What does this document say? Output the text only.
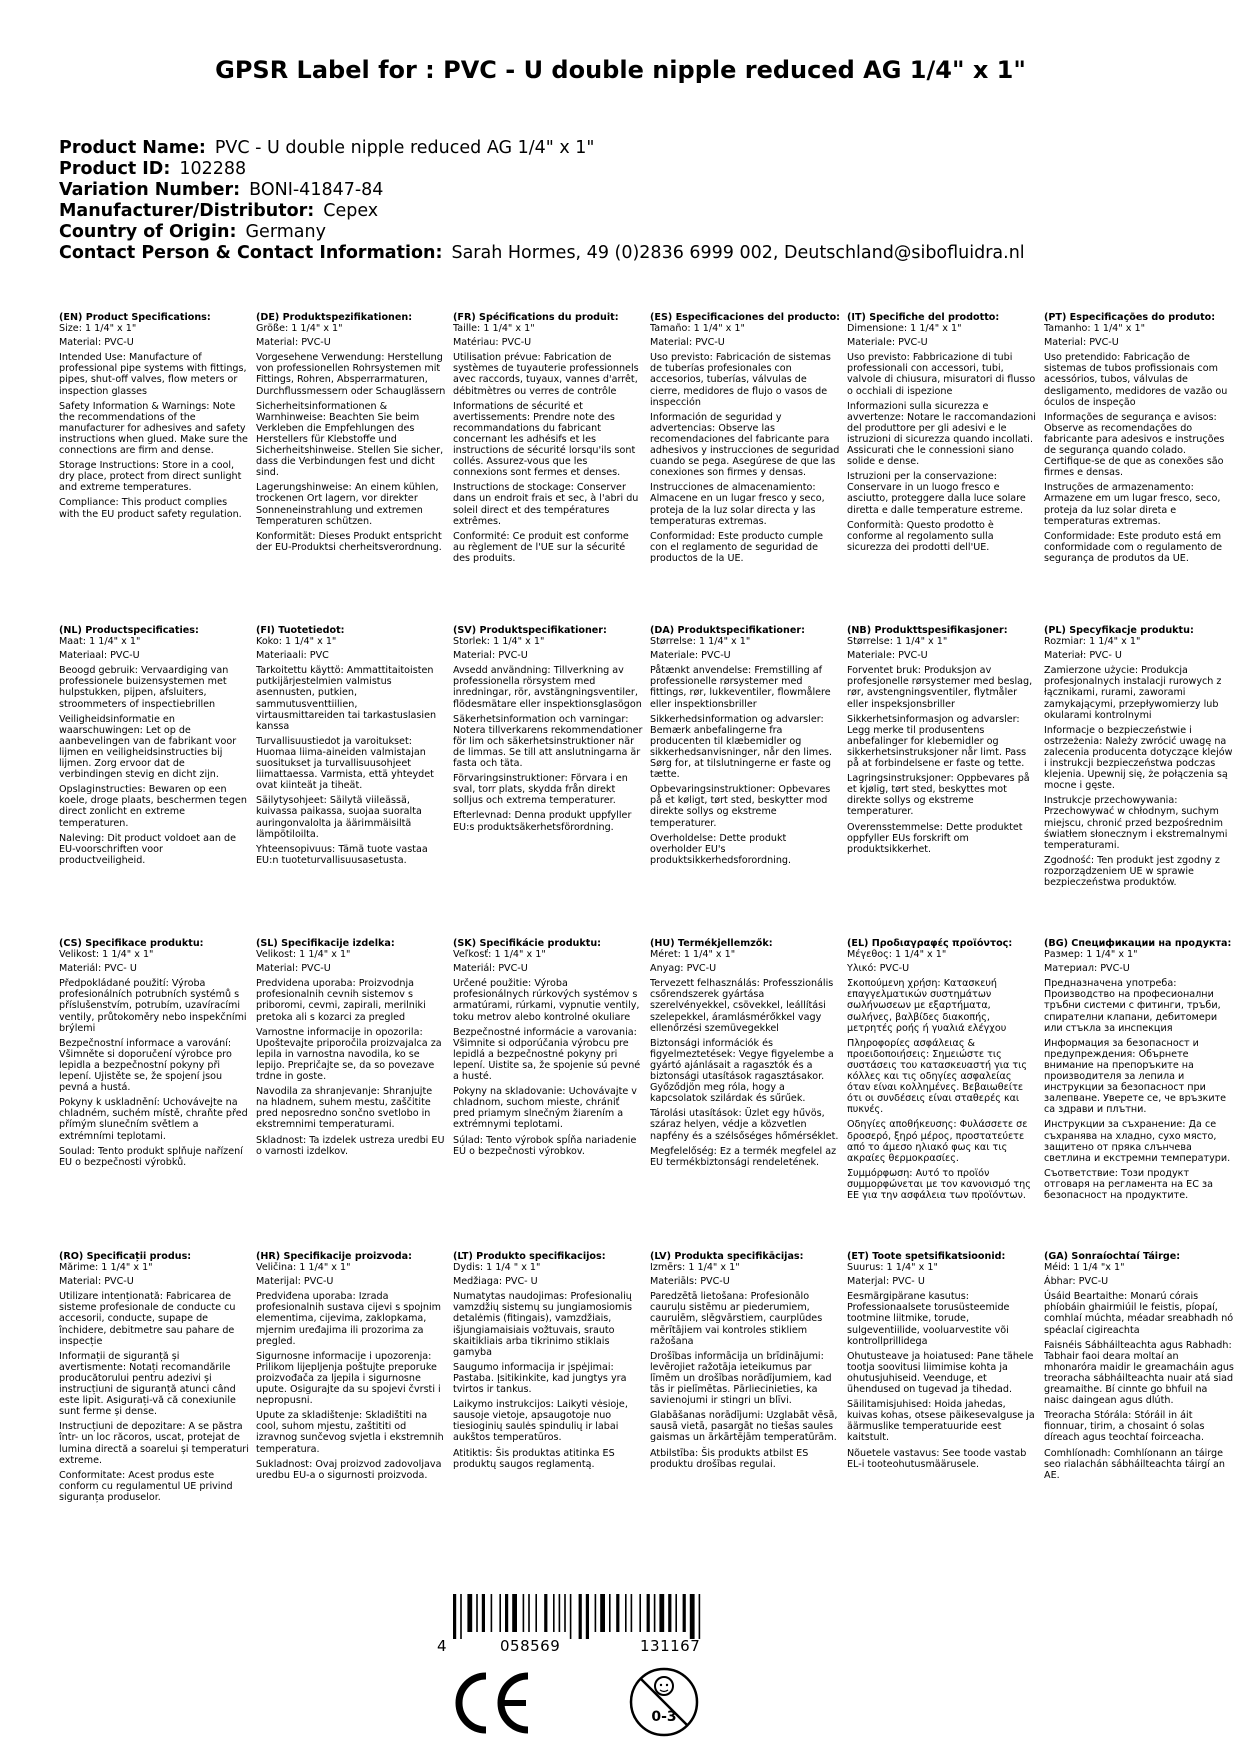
GPSR Label for : PVC - U double nipple reduced AG 1/4" x 1"
Product Name: PVC - U double nipple reduced AG 1/4" x 1"
Product ID: 102288
Variation Number: BONI-41847-84
Manufacturer/Distributor: Cepex
Country of Origin: Germany
Contact Person & Contact Information: Sarah Hormes, 49 (0)2836 6999 002, Deutschland@sibofluidra.nl
(EN) Product Specifications:
Size: 1 1/4" x 1"
Material: PVC-U
Intended Use: Manufacture of professional pipe systems with fittings, pipes, shut-off valves, flow meters or inspection glasses
Safety Information & Warnings: Note the recommendations of the manufacturer for adhesives and safety instructions when glued. Make sure the connections are firm and dense.
Storage Instructions: Store in a cool, dry place, protect from direct sunlight and extreme temperatures.
Compliance: This product complies with the EU product safety regulation.
(DE) Produktspezifikationen:
Größe: 1 1/4" x 1"
Material: PVC-U
Vorgesehene Verwendung: Herstellung von professionellen Rohrsystemen mit Fittings, Rohren, Absperrarmaturen, Durchflussmessern oder Schauglässern
Sicherheitsinformationen & Warnhinweise: Beachten Sie beim Verkleben die Empfehlungen des Herstellers für Klebstoffe und Sicherheitshinweise. Stellen Sie sicher, dass die Verbindungen fest und dicht sind.
Lagerungshinweise: An einem kühlen, trockenen Ort lagern, vor direkter Sonneneinstrahlung und extremen Temperaturen schützen.
Konformität: Dieses Produkt entspricht der EU-Produktsi cherheitsverordnung.
(FR) Spécifications du produit:
Taille: 1 1/4" x 1"
Matériau: PVC-U
Utilisation prévue: Fabrication de systèmes de tuyauterie professionnels avec raccords, tuyaux, vannes d'arrêt, débitmètres ou verres de contrôle
Informations de sécurité et avertissements: Prendre note des recommandations du fabricant concernant les adhésifs et les instructions de sécurité lorsqu'ils sont collés. Assurez-vous que les connexions sont fermes et denses.
Instructions de stockage: Conserver dans un endroit frais et sec, à l'abri du soleil direct et des températures extrêmes.
Conformité: Ce produit est conforme au règlement de l'UE sur la sécurité des produits.
(ES) Especificaciones del producto:
Tamaño: 1 1/4" x 1"
Material: PVC-U
Uso previsto: Fabricación de sistemas de tuberías profesionales con accesorios, tuberías, válvulas de cierre, medidores de flujo o vasos de inspección
Información de seguridad y advertencias: Observe las recomendaciones del fabricante para adhesivos y instrucciones de seguridad cuando se pega. Asegúrese de que las conexiones son firmes y densas.
Instrucciones de almacenamiento: Almacene en un lugar fresco y seco, proteja de la luz solar directa y las temperaturas extremas.
Conformidad: Este producto cumple con el reglamento de seguridad de productos de la UE.
(IT) Specifiche del prodotto:
Dimensione: 1 1/4" x 1"
Materiale: PVC-U
Uso previsto: Fabbricazione di tubi professionali con accessori, tubi, valvole di chiusura, misuratori di flusso o occhiali di ispezione
Informazioni sulla sicurezza e avvertenze: Notare le raccomandazioni del produttore per gli adesivi e le istruzioni di sicurezza quando incollati. Assicurati che le connessioni siano solide e dense.
Istruzioni per la conservazione: Conservare in un luogo fresco e asciutto, proteggere dalla luce solare diretta e dalle temperature estreme.
Conformità: Questo prodotto è conforme al regolamento sulla sicurezza dei prodotti dell'UE.
(PT) Especificações do produto:
Tamanho: 1 1/4" x 1"
Material: PVC-U
Uso pretendido: Fabricação de sistemas de tubos profissionais com acessórios, tubos, válvulas de desligamento, medidores de vazão ou óculos de inspeção
Informações de segurança e avisos: Observe as recomendações do fabricante para adesivos e instruções de segurança quando colado. Certifique-se de que as conexões são firmes e densas.
Instruções de armazenamento: Armazene em um lugar fresco, seco, proteja da luz solar direta e temperaturas extremas.
Conformidade: Este produto está em conformidade com o regulamento de segurança de produtos da UE.
(NL) Productspecificaties:
Maat: 1 1/4" x 1"
Materiaal: PVC-U
Beoogd gebruik: Vervaardiging van professionele buizensystemen met hulpstukken, pijpen, afsluiters, stroommeters of inspectiebrillen
Veiligheidsinformatie en waarschuwingen: Let op de aanbevelingen van de fabrikant voor lijmen en veiligheidsinstructies bij lijmen. Zorg ervoor dat de verbindingen stevig en dicht zijn.
Opslaginstructies: Bewaren op een koele, droge plaats, beschermen tegen direct zonlicht en extreme temperaturen.
Naleving: Dit product voldoet aan de EU-voorschriften voor productveiligheid.
(FI) Tuotetiedot:
Koko: 1 1/4" x 1"
Materiaali: PVC
Tarkoitettu käyttö: Ammattitaitoisten putkijärjestelmien valmistus asennusten, putkien, sammutusventtiilien, virtausmittareiden tai tarkastuslasien kanssa
Turvallisuustiedot ja varoitukset: Huomaa liima-aineiden valmistajan suositukset ja turvallisuusohjeet liimattaessa. Varmista, että yhteydet ovat kiinteät ja tiheät.
Säilytysohjeet: Säilytä viileässä, kuivassa paikassa, suojaa suoralta auringonvalolta ja äärimmäisiltä lämpötiloilta.
Yhteensopivuus: Tämä tuote vastaa EU:n tuoteturvallisuusasetusta.
(SV) Produktspecifikationer:
Storlek: 1 1/4" x 1"
Material: PVC-U
Avsedd användning: Tillverkning av professionella rörsystem med inredningar, rör, avstängningsventiler, flödesmätare eller inspektionsglasögon
Säkerhetsinformation och varningar: Notera tillverkarens rekommendationer för lim och säkerhetsinstruktioner när de limmas. Se till att anslutningarna är fasta och täta.
Förvaringsinstruktioner: Förvara i en sval, torr plats, skydda från direkt solljus och extrema temperaturer.
Efterlevnad: Denna produkt uppfyller EU:s produktsäkerhetsförordning.
(DA) Produktspecifikationer:
Størrelse: 1 1/4" x 1"
Materiale: PVC-U
Påtænkt anvendelse: Fremstilling af professionelle rørsystemer med fittings, rør, lukkeventiler, flowmålere eller inspektionsbriller
Sikkerhedsinformation og advarsler: Bemærk anbefalingerne fra producenten til klæbemidler og sikkerhedsanvisninger, når den limes. Sørg for, at tilslutningerne er faste og tætte.
Opbevaringsinstruktioner: Opbevares på et køligt, tørt sted, beskytter mod direkte sollys og ekstreme temperaturer.
Overholdelse: Dette produkt overholder EU's produktsikkerhedsforordning.
(NB) Produkttspesifikasjoner:
Størrelse: 1 1/4" x 1"
Materiale: PVC-U
Forventet bruk: Produksjon av profesjonelle rørsystemer med beslag, rør, avstengningsventiler, flytmåler eller inspeksjonsbriller
Sikkerhetsinformasjon og advarsler: Legg merke til produsentens anbefalinger for klebemidler og sikkerhetsinstruksjoner når limt. Pass på at forbindelsene er faste og tette.
Lagringsinstruksjoner: Oppbevares på et kjølig, tørt sted, beskyttes mot direkte sollys og ekstreme temperaturer.
Overensstemmelse: Dette produktet oppfyller EUs forskrift om produktsikkerhet.
(PL) Specyfikacje produktu:
Rozmiar: 1 1/4" x 1"
Materiał: PVC- U
Zamierzone użycie: Produkcja profesjonalnych instalacji rurowych z łącznikami, rurami, zaworami zamykającymi, przepływomierzy lub okularami kontrolnymi
Informacje o bezpieczeństwie i ostrzeżenia: Należy zwrócić uwagę na zalecenia producenta dotyczące klejów i instrukcji bezpieczeństwa podczas klejenia. Upewnij się, że połączenia są mocne i gęste.
Instrukcje przechowywania: Przechowywać w chłodnym, suchym miejscu, chronić przed bezpośrednim światłem słonecznym i ekstremalnymi temperaturami.
Zgodność: Ten produkt jest zgodny z rozporządzeniem UE w sprawie bezpieczeństwa produktów.
(CS) Specifikace produktu:
Velikost: 1 1/4" x 1"
Materiál: PVC- U
Předpokládané použití: Výroba profesionálních potrubních systémů s příslušenstvím, potrubím, uzavíracími ventily, průtokoměry nebo inspekčními brýlemi
Bezpečnostní informace a varování: Všimněte si doporučení výrobce pro lepidla a bezpečnostní pokyny při lepení. Ujistěte se, že spojení jsou pevná a hustá.
Pokyny k uskladnění: Uchovávejte na chladném, suchém místě, chraňte před přímým slunečním světlem a extrémními teplotami.
Soulad: Tento produkt splňuje nařízení EU o bezpečnosti výrobků.
(SL) Specifikacije izdelka:
Velikost: 1 1/4" x 1"
Material: PVC-U
Predvidena uporaba: Proizvodnja profesionalnih cevnih sistemov s priboromi, cevmi, zapirali, merilniki pretoka ali s kozarci za pregled
Varnostne informacije in opozorila: Upoštevajte priporočila proizvajalca za lepila in varnostna navodila, ko se lepijo. Prepričajte se, da so povezave trdne in goste.
Navodila za shranjevanje: Shranjujte na hladnem, suhem mestu, zaščitite pred neposredno sončno svetlobo in ekstremnimi temperaturami.
Skladnost: Ta izdelek ustreza uredbi EU o varnosti izdelkov.
(SK) Špecifikácie produktu:
Veľkosť: 1 1/4" x 1"
Materiál: PVC-U
Určené použitie: Výroba profesionálnych rúrkových systémov s armatúrami, rúrkami, vypnutie ventily, toku metrov alebo kontrolné okuliare
Bezpečnostné informácie a varovania: Všimnite si odporúčania výrobcu pre lepidlá a bezpečnostné pokyny pri lepení. Uistite sa, že spojenie sú pevné a husté.
Pokyny na skladovanie: Uchovávajte v chladnom, suchom mieste, chrániť pred priamym slnečným žiarením a extrémnymi teplotami.
Súlad: Tento výrobok spĺňa nariadenie EÚ o bezpečnosti výrobkov.
(HU) Termékjellemzők:
Méret: 1 1/4" x 1"
Anyag: PVC-U
Tervezett felhasználás: Professzionális csőrendszerek gyártása szerelvényekkel, csövekkel, leállítási szelepekkel, áramlásmérőkkel vagy ellenőrzési szemüvegekkel
Biztonsági információk és figyelmeztetések: Vegye figyelembe a gyártó ajánlásait a ragasztók és a biztonsági utasítások ragasztásakor. Győződjön meg róla, hogy a kapcsolatok szilárdak és sűrűek.
Tárolási utasítások: Üzlet egy hűvös, száraz helyen, védje a közvetlen napfény és a szélsőséges hőmérséklet.
Megfelelőség: Ez a termék megfelel az EU termékbiztonsági rendeletének.
(EL) Προδιαγραφές προϊόντος:
Μέγεθος: 1 1/4" x 1"
Υλικό: PVC-U
Σκοπούμενη χρήση: Κατασκευή επαγγελματικών συστημάτων σωλήνωσεων με εξαρτήματα, σωλήνες, βαλβίδες διακοπής, μετρητές ροής ή γυαλιά ελέγχου
Πληροφορίες ασφάλειας & προειδοποιήσεις: Σημειώστε τις συστάσεις του κατασκευαστή για τις κόλλες και τις οδηγίες ασφαλείας όταν είναι κολλημένες. Βεβαιωθείτε ότι οι συνδέσεις είναι σταθερές και πυκνές.
Οδηγίες αποθήκευσης: Φυλάσσετε σε δροσερό, ξηρό μέρος, προστατεύετε από το άμεσο ηλιακό φως και τις ακραίες θερμοκρασίες.
Συμμόρφωση: Αυτό το προϊόν συμμορφώνεται με τον κανονισμό της ΕΕ για την ασφάλεια των προϊόντων.
(BG) Спецификации на продукта:
Размер: 1 1/4" x 1"
Материал: PVC-U
Предназначена употреба: Производство на професионални тръбни системи с фитинги, тръби, спирателни клапани, дебитомери или стъкла за инспекция
Информация за безопасност и предупреждения: Обърнете внимание на препоръките на производителя за лепила и инструкции за безопасност при залепване. Уверете се, че връзките са здрави и плътни.
Инструкции за съхранение: Да се съхранява на хладно, сухо място, защитено от пряка слънчева светлина и екстремни температури.
Съответствие: Този продукт отговаря на регламента на ЕС за безопасност на продуктите.
(RO) Specificații produs:
Mărime: 1 1/4" x 1"
Material: PVC-U
Utilizare intenționată: Fabricarea de sisteme profesionale de conducte cu accesorii, conducte, supape de închidere, debitmetre sau pahare de inspecție
Informații de siguranță și avertismente: Notați recomandările producătorului pentru adezivi și instrucțiuni de siguranță atunci când este lipit. Asigurați-vă că conexiunile sunt ferme și dense.
Instrucțiuni de depozitare: A se păstra într- un loc răcoros, uscat, protejat de lumina directă a soarelui și temperaturi extreme.
Conformitate: Acest produs este conform cu regulamentul UE privind siguranța produselor.
(HR) Specifikacije proizvoda:
Veličina: 1 1/4" x 1"
Materijal: PVC-U
Predviđena uporaba: Izrada profesionalnih sustava cijevi s spojnim elementima, cijevima, zaklopkama, mjernim uređajima ili prozorima za pregled.
Sigurnosne informacije i upozorenja: Prilikom lijepljenja poštujte preporuke proizvođača za ljepila i sigurnosne upute. Osigurajte da su spojevi čvrsti i nepropusni.
Upute za skladištenje: Skladištiti na cool, suhom mjestu, zaštititi od izravnog sunčevog svjetla i ekstremnih temperatura.
Sukladnost: Ovaj proizvod zadovoljava uredbu EU-a o sigurnosti proizvoda.
(LT) Produkto specifikacijos:
Dydis: 1 1/4 " x 1"
Medžiaga: PVC- U
Numatytas naudojimas: Profesionalių vamzdžių sistemų su jungiamosiomis detalėmis (fitingais), vamzdžiais, išjungiamaisiais vožtuvais, srauto skaitikliais arba tikrinimo stiklais gamyba
Saugumo informacija ir įspėjimai: Pastaba. Įsitikinkite, kad jungtys yra tvirtos ir tankus.
Laikymo instrukcijos: Laikyti vėsioje, sausoje vietoje, apsaugotoje nuo tiesioginių saulės spindulių ir labai aukštos temperatūros.
Atitiktis: Šis produktas atitinka ES produktų saugos reglamentą.
(LV) Produkta specifikācijas:
Izmērs: 1 1/4" x 1"
Materiāls: PVC-U
Paredzētā lietošana: Profesionālo cauruļu sistēmu ar piederumiem, caurulēm, slēgvārstiem, caurplūdes mērītājiem vai kontroles stikliem ražošana
Drošības informācija un brīdinājumi: levērojiet ražotāja ieteikumus par līmēm un drošības norādījumiem, kad tās ir pielīmētas. Pārliecinieties, ka savienojumi ir stingri un blīvi.
Glabāšanas norādījumi: Uzglabāt vēsā, sausā vietā, pasargāt no tiešas saules gaismas un ārkārtējām temperatūrām.
Atbilstība: Šis produkts atbilst ES produktu drošības regulai.
(ET) Toote spetsifikatsioonid:
Suurus: 1 1/4" x 1"
Materjal: PVC- U
Eesmärgipärane kasutus: Professionaalsete torusüsteemide tootmine liitmike, torude, sulgeventiilide, vooluarvestite või kontrollprillidega
Ohutusteave ja hoiatused: Pane tähele tootja soovitusi liimimise kohta ja ohutusjuhiseid. Veenduge, et ühendused on tugevad ja tihedad.
Säilitamisjuhised: Hoida jahedas, kuivas kohas, otsese päikesevalguse ja äärmuslike temperatuuride eest kaitstult.
Nõuetele vastavus: See toode vastab EL-i tooteohutusmäärusele.
(GA) Sonraíochtaí Táirge:
Méid: 1 1/4 "x 1"
Ábhar: PVC-U
Úsáid Beartaithe: Monarú córais phíobáin ghairmiúil le feistis, píopaí, comhlaí múchta, méadar sreabhadh nó spéaclaí cigireachta
Faisnéis Sábháilteachta agus Rabhadh: Tabhair faoi deara moltaí an mhonaróra maidir le greamacháin agus treoracha sábháilteachta nuair atá siad greamaithe. Bí cinnte go bhfuil na naisc daingean agus dlúth.
Treoracha Stórála: Stóráil in áit fionnuar, tirim, a chosaint ó solas díreach agus teochtaí foirceacha.
Comhlíonadh: Comhlíonann an táirge seo rialachán sábháilteachta táirgí an AE.
4	058569	131167
0-3
